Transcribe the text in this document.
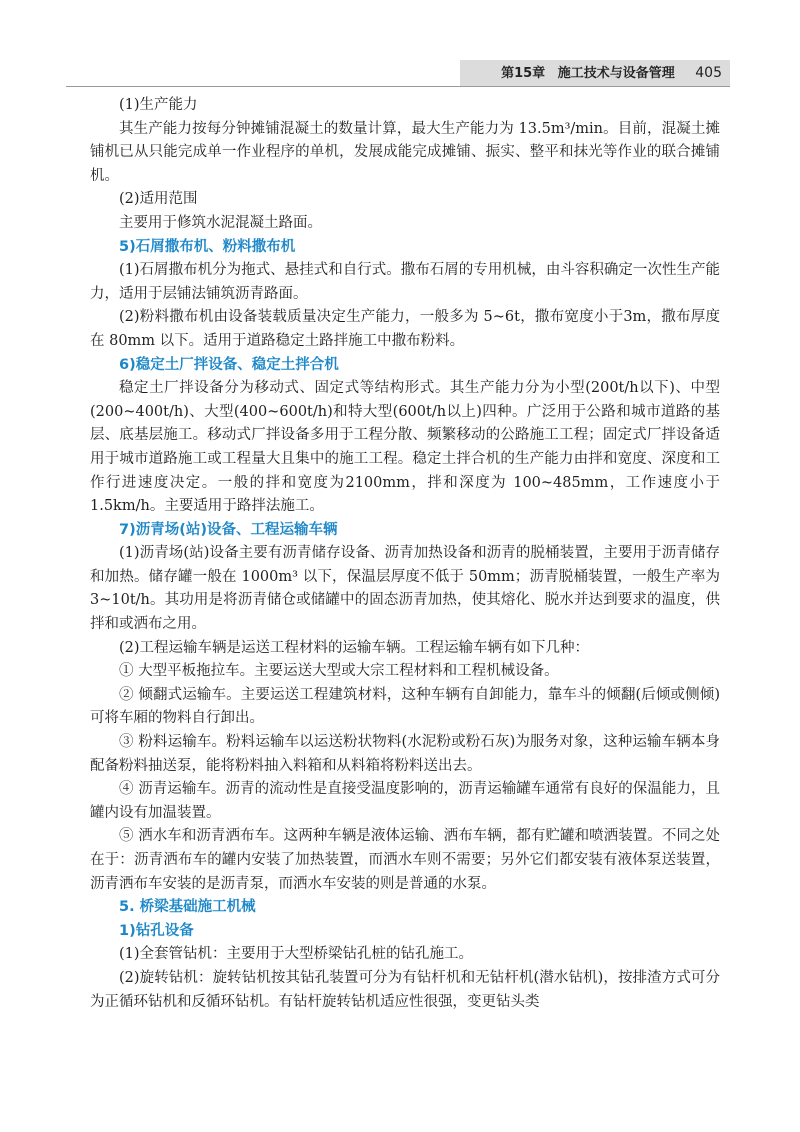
第15章 施工技术与设备管理 405

(1)生产能力

其生产能力按每分钟摊铺混凝土的数量计算，最大生产能力为 13.5m³/min。目前，混凝土摊铺机已从只能完成单一作业程序的单机，发展成能完成摊铺、振实、整平和抹光等作业的联合摊铺机。

(2)适用范围

主要用于修筑水泥混凝土路面。

5)石屑撒布机、粉料撒布机

(1)石屑撒布机分为拖式、悬挂式和自行式。撒布石屑的专用机械，由斗容积确定一次性生产能力，适用于层铺法铺筑沥青路面。

(2)粉料撒布机由设备装载质量决定生产能力，一般多为 5~6t，撒布宽度小于3m，撒布厚度在 80mm 以下。适用于道路稳定土路拌施工中撒布粉料。

6)稳定土厂拌设备、稳定土拌合机

稳定土厂拌设备分为移动式、固定式等结构形式。其生产能力分为小型(200t/h以下)、中型(200~400t/h)、大型(400~600t/h)和特大型(600t/h以上)四种。广泛用于公路和城市道路的基层、底基层施工。移动式厂拌设备多用于工程分散、频繁移动的公路施工工程；固定式厂拌设备适用于城市道路施工或工程量大且集中的施工工程。稳定土拌合机的生产能力由拌和宽度、深度和工作行进速度决定。一般的拌和宽度为2100mm，拌和深度为 100~485mm，工作速度小于 1.5km/h。主要适用于路拌法施工。

7)沥青场(站)设备、工程运输车辆

(1)沥青场(站)设备主要有沥青储存设备、沥青加热设备和沥青的脱桶装置，主要用于沥青储存和加热。储存罐一般在 1000m³ 以下，保温层厚度不低于 50mm；沥青脱桶装置，一般生产率为 3~10t/h。其功用是将沥青储仓或储罐中的固态沥青加热，使其熔化、脱水并达到要求的温度，供拌和或洒布之用。

(2)工程运输车辆是运送工程材料的运输车辆。工程运输车辆有如下几种：

① 大型平板拖拉车。主要运送大型或大宗工程材料和工程机械设备。

② 倾翻式运输车。主要运送工程建筑材料，这种车辆有自卸能力，靠车斗的倾翻(后倾或侧倾)可将车厢的物料自行卸出。

③ 粉料运输车。粉料运输车以运送粉状物料(水泥粉或粉石灰)为服务对象，这种运输车辆本身配备粉料抽送泵，能将粉料抽入料箱和从料箱将粉料送出去。

④ 沥青运输车。沥青的流动性是直接受温度影响的，沥青运输罐车通常有良好的保温能力，且罐内设有加温装置。

⑤ 洒水车和沥青洒布车。这两种车辆是液体运输、洒布车辆，都有贮罐和喷洒装置。不同之处在于：沥青洒布车的罐内安装了加热装置，而洒水车则不需要；另外它们都安装有液体泵送装置，沥青洒布车安装的是沥青泵，而洒水车安装的则是普通的水泵。

5. 桥梁基础施工机械

1)钻孔设备

(1)全套管钻机：主要用于大型桥梁钻孔桩的钻孔施工。

(2)旋转钻机：旋转钻机按其钻孔装置可分为有钻杆机和无钻杆机(潜水钻机)，按排渣方式可分为正循环钻机和反循环钻机。有钻杆旋转钻机适应性很强，变更钻头类
